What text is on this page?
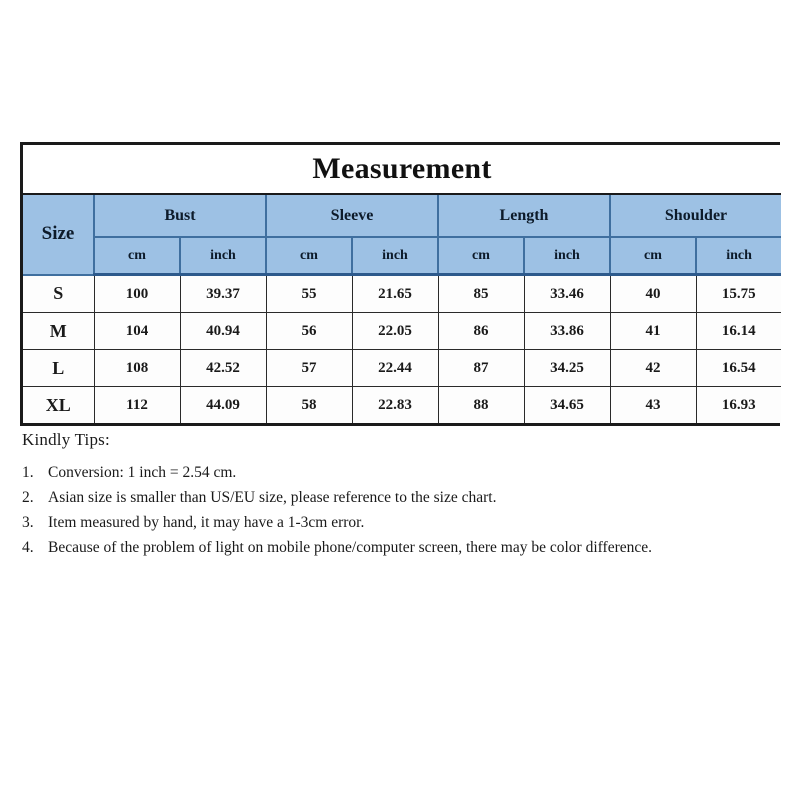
Measurement								
Size	Bust		Sleeve		Length		Shoulder	
	cm	inch	cm	inch	cm	inch	cm	inch
S	100	39.37	55	21.65	85	33.46	40	15.75
M	104	40.94	56	22.05	86	33.86	41	16.14
L	108	42.52	57	22.44	87	34.25	42	16.54
XL	112	44.09	58	22.83	88	34.65	43	16.93

Kindly Tips:

1. Conversion: 1 inch = 2.54 cm.
2. Asian size is smaller than US/EU size, please reference to the size chart.
3. Item measured by hand, it may have a 1-3cm error.
4. Because of the problem of light on mobile phone/computer screen, there may be color difference.
